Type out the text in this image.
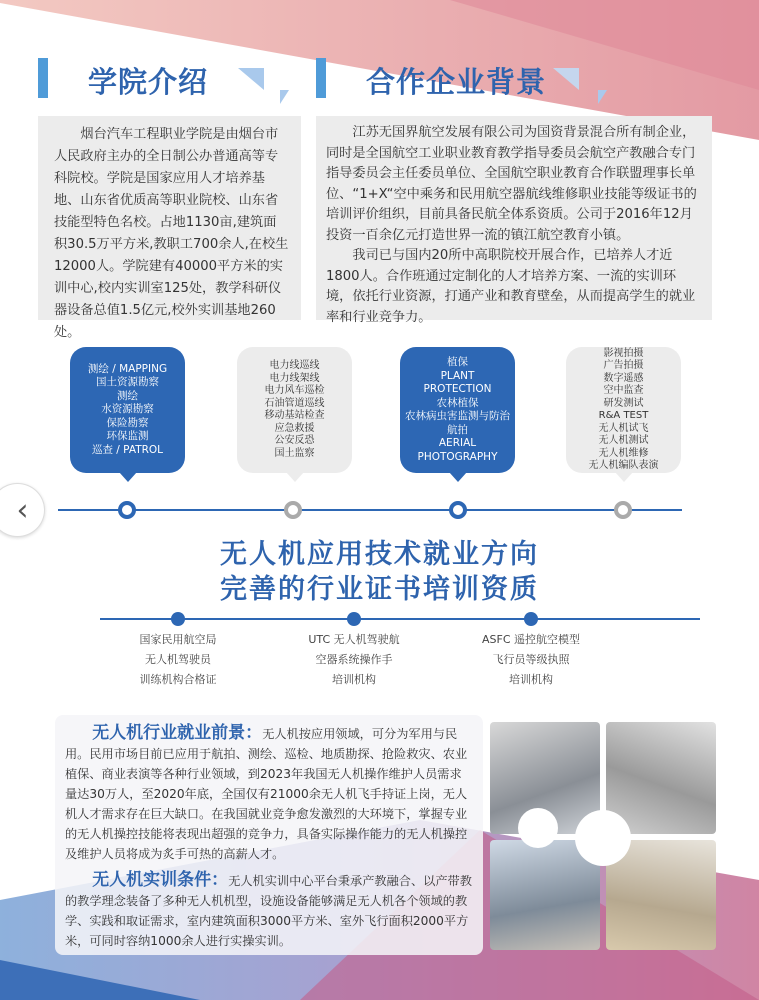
学院介绍	合作企业背景

烟台汽车工程职业学院是由烟台市人民政府主办的全日制公办普通高等专科院校。学院是国家应用人才培养基地、山东省优质高等职业院校、山东省技能型特色名校。占地1130亩,建筑面积30.5万平方米,教职工700余人,在校生12000人。学院建有40000平方米的实训中心,校内实训室125处，教学科研仪器设备总值1.5亿元,校外实训基地260处。

江苏无国界航空发展有限公司为国资背景混合所有制企业，同时是全国航空工业职业教育教学指导委员会航空产教融合专门指导委员会主任委员单位、全国航空职业教育合作联盟理事长单位、“1+X“空中乘务和民用航空器航线维修职业技能等级证书的培训评价组织，目前具备民航全体系资质。公司于2016年12月投资一百余亿元打造世界一流的镇江航空教育小镇。

我司已与国内20所中高职院校开展合作，已培养人才近1800人。合作班通过定制化的人才培养方案、一流的实训环境，依托行业资源，打通产业和教育壁垒，从而提高学生的就业率和行业竞争力。

测绘 / MAPPING
国土资源勘察
测绘
水资源勘察
保险勘察
环保监测
巡查 / PATROL
电力线巡线
电力线架线
电力风车巡检
石油管道巡线
移动基站检查
应急救援
公安反恐
国土监察
植保
PLANT
PROTECTION
农林植保
农林病虫害监测与防治
航拍
AERIAL
PHOTOGRAPHY
影视拍摄
广告拍摄
数字遥感
空中监查
研发测试
R&A TEST
无人机试飞
无人机测试
无人机维修
无人机编队表演
‹
无人机应用技术就业方向
完善的行业证书培训资质
国家民用航空局
无人机驾驶员
训练机构合格证
UTC 无人机驾驶航
空器系统操作手
培训机构
ASFC 遥控航空模型
飞行员等级执照
培训机构
无人机行业就业前景：无人机按应用领域，可分为军用与民用。民用市场目前已应用于航拍、测绘、巡检、地质勘探、抢险救灾、农业植保、商业表演等各种行业领域，到2023年我国无人机操作维护人员需求量达30万人，至2020年底，全国仅有21000余无人机飞手持证上岗，无人机人才需求存在巨大缺口。在我国就业竞争愈发激烈的大环境下，掌握专业的无人机操控技能将表现出超强的竞争力，具备实际操作能力的无人机操控及维护人员将成为炙手可热的高薪人才。
无人机实训条件：无人机实训中心平台秉承产教融合、以产带教的教学理念装备了多种无人机机型，设施设备能够满足无人机各个领域的教学、实践和取证需求，室内建筑面积3000平方米、室外飞行面积2000平方米，可同时容纳1000余人进行实操实训。
